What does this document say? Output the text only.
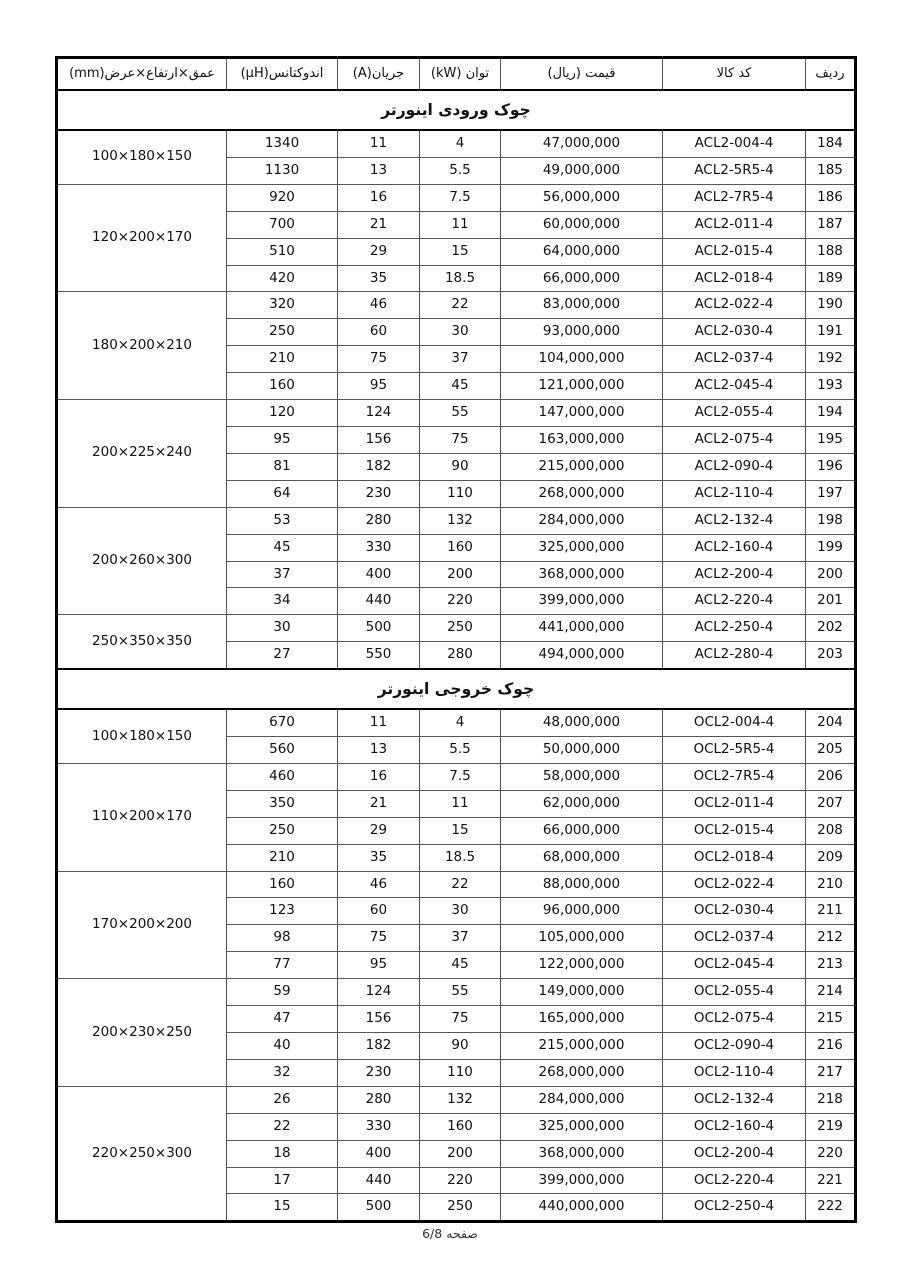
ردیف	کد کالا	قیمت (ریال)	توان (kW)	جریان(A)	اندوکتانس(µH)	عمق×ارتفاع×عرض(mm)
چوک ورودی اینورتر						
184	ACL2-004-4	47,000,000	4	11	1340	100×180×150
185	ACL2-5R5-4	49,000,000	5.5	13	1130	
186	ACL2-7R5-4	56,000,000	7.5	16	920	120×200×170
187	ACL2-011-4	60,000,000	11	21	700	
188	ACL2-015-4	64,000,000	15	29	510	
189	ACL2-018-4	66,000,000	18.5	35	420	
190	ACL2-022-4	83,000,000	22	46	320	180×200×210
191	ACL2-030-4	93,000,000	30	60	250	
192	ACL2-037-4	104,000,000	37	75	210	
193	ACL2-045-4	121,000,000	45	95	160	
194	ACL2-055-4	147,000,000	55	124	120	200×225×240
195	ACL2-075-4	163,000,000	75	156	95	
196	ACL2-090-4	215,000,000	90	182	81	
197	ACL2-110-4	268,000,000	110	230	64	
198	ACL2-132-4	284,000,000	132	280	53	200×260×300
199	ACL2-160-4	325,000,000	160	330	45	
200	ACL2-200-4	368,000,000	200	400	37	
201	ACL2-220-4	399,000,000	220	440	34	
202	ACL2-250-4	441,000,000	250	500	30	250×350×350
203	ACL2-280-4	494,000,000	280	550	27	
چوک خروجی اینورتر						
204	OCL2-004-4	48,000,000	4	11	670	100×180×150
205	OCL2-5R5-4	50,000,000	5.5	13	560	
206	OCL2-7R5-4	58,000,000	7.5	16	460	110×200×170
207	OCL2-011-4	62,000,000	11	21	350	
208	OCL2-015-4	66,000,000	15	29	250	
209	OCL2-018-4	68,000,000	18.5	35	210	
210	OCL2-022-4	88,000,000	22	46	160	170×200×200
211	OCL2-030-4	96,000,000	30	60	123	
212	OCL2-037-4	105,000,000	37	75	98	
213	OCL2-045-4	122,000,000	45	95	77	
214	OCL2-055-4	149,000,000	55	124	59	200×230×250
215	OCL2-075-4	165,000,000	75	156	47	
216	OCL2-090-4	215,000,000	90	182	40	
217	OCL2-110-4	268,000,000	110	230	32	
218	OCL2-132-4	284,000,000	132	280	26	220×250×300
219	OCL2-160-4	325,000,000	160	330	22	
220	OCL2-200-4	368,000,000	200	400	18	
221	OCL2-220-4	399,000,000	220	440	17	
222	OCL2-250-4	440,000,000	250	500	15	
صفحه 6/8
